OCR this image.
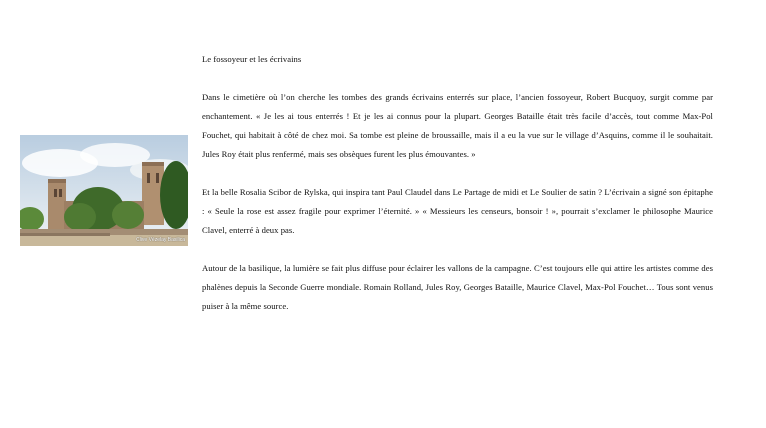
Clive Vézelay Basilica

Le fossoyeur et les écrivains

Dans le cimetière où l’on cherche les tombes des grands écrivains enterrés sur place, l’ancien fossoyeur, Robert Bucquoy, surgit comme par enchantement. « Je les ai tous enterrés ! Et je les ai connus pour la plupart. Georges Bataille était très facile d’accès, tout comme Max-Pol Fouchet, qui habitait à côté de chez moi. Sa tombe est pleine de broussaille, mais il a eu la vue sur le village d’Asquins, comme il le souhaitait. Jules Roy était plus renfermé, mais ses obsèques furent les plus émouvantes. »

Et la belle Rosalia Scibor de Rylska, qui inspira tant Paul Claudel dans Le Partage de midi et Le Soulier de satin ? L’écrivain a signé son épitaphe : « Seule la rose est assez fragile pour exprimer l’éternité. » « Messieurs les censeurs, bonsoir ! », pourrait s’exclamer le philosophe Maurice Clavel, enterré à deux pas.

Autour de la basilique, la lumière se fait plus diffuse pour éclairer les vallons de la campagne. C’est toujours elle qui attire les artistes comme des phalènes depuis la Seconde Guerre mondiale. Romain Rolland, Jules Roy, Georges Bataille, Maurice Clavel, Max-Pol Fouchet… Tous sont venus puiser à la même source.
